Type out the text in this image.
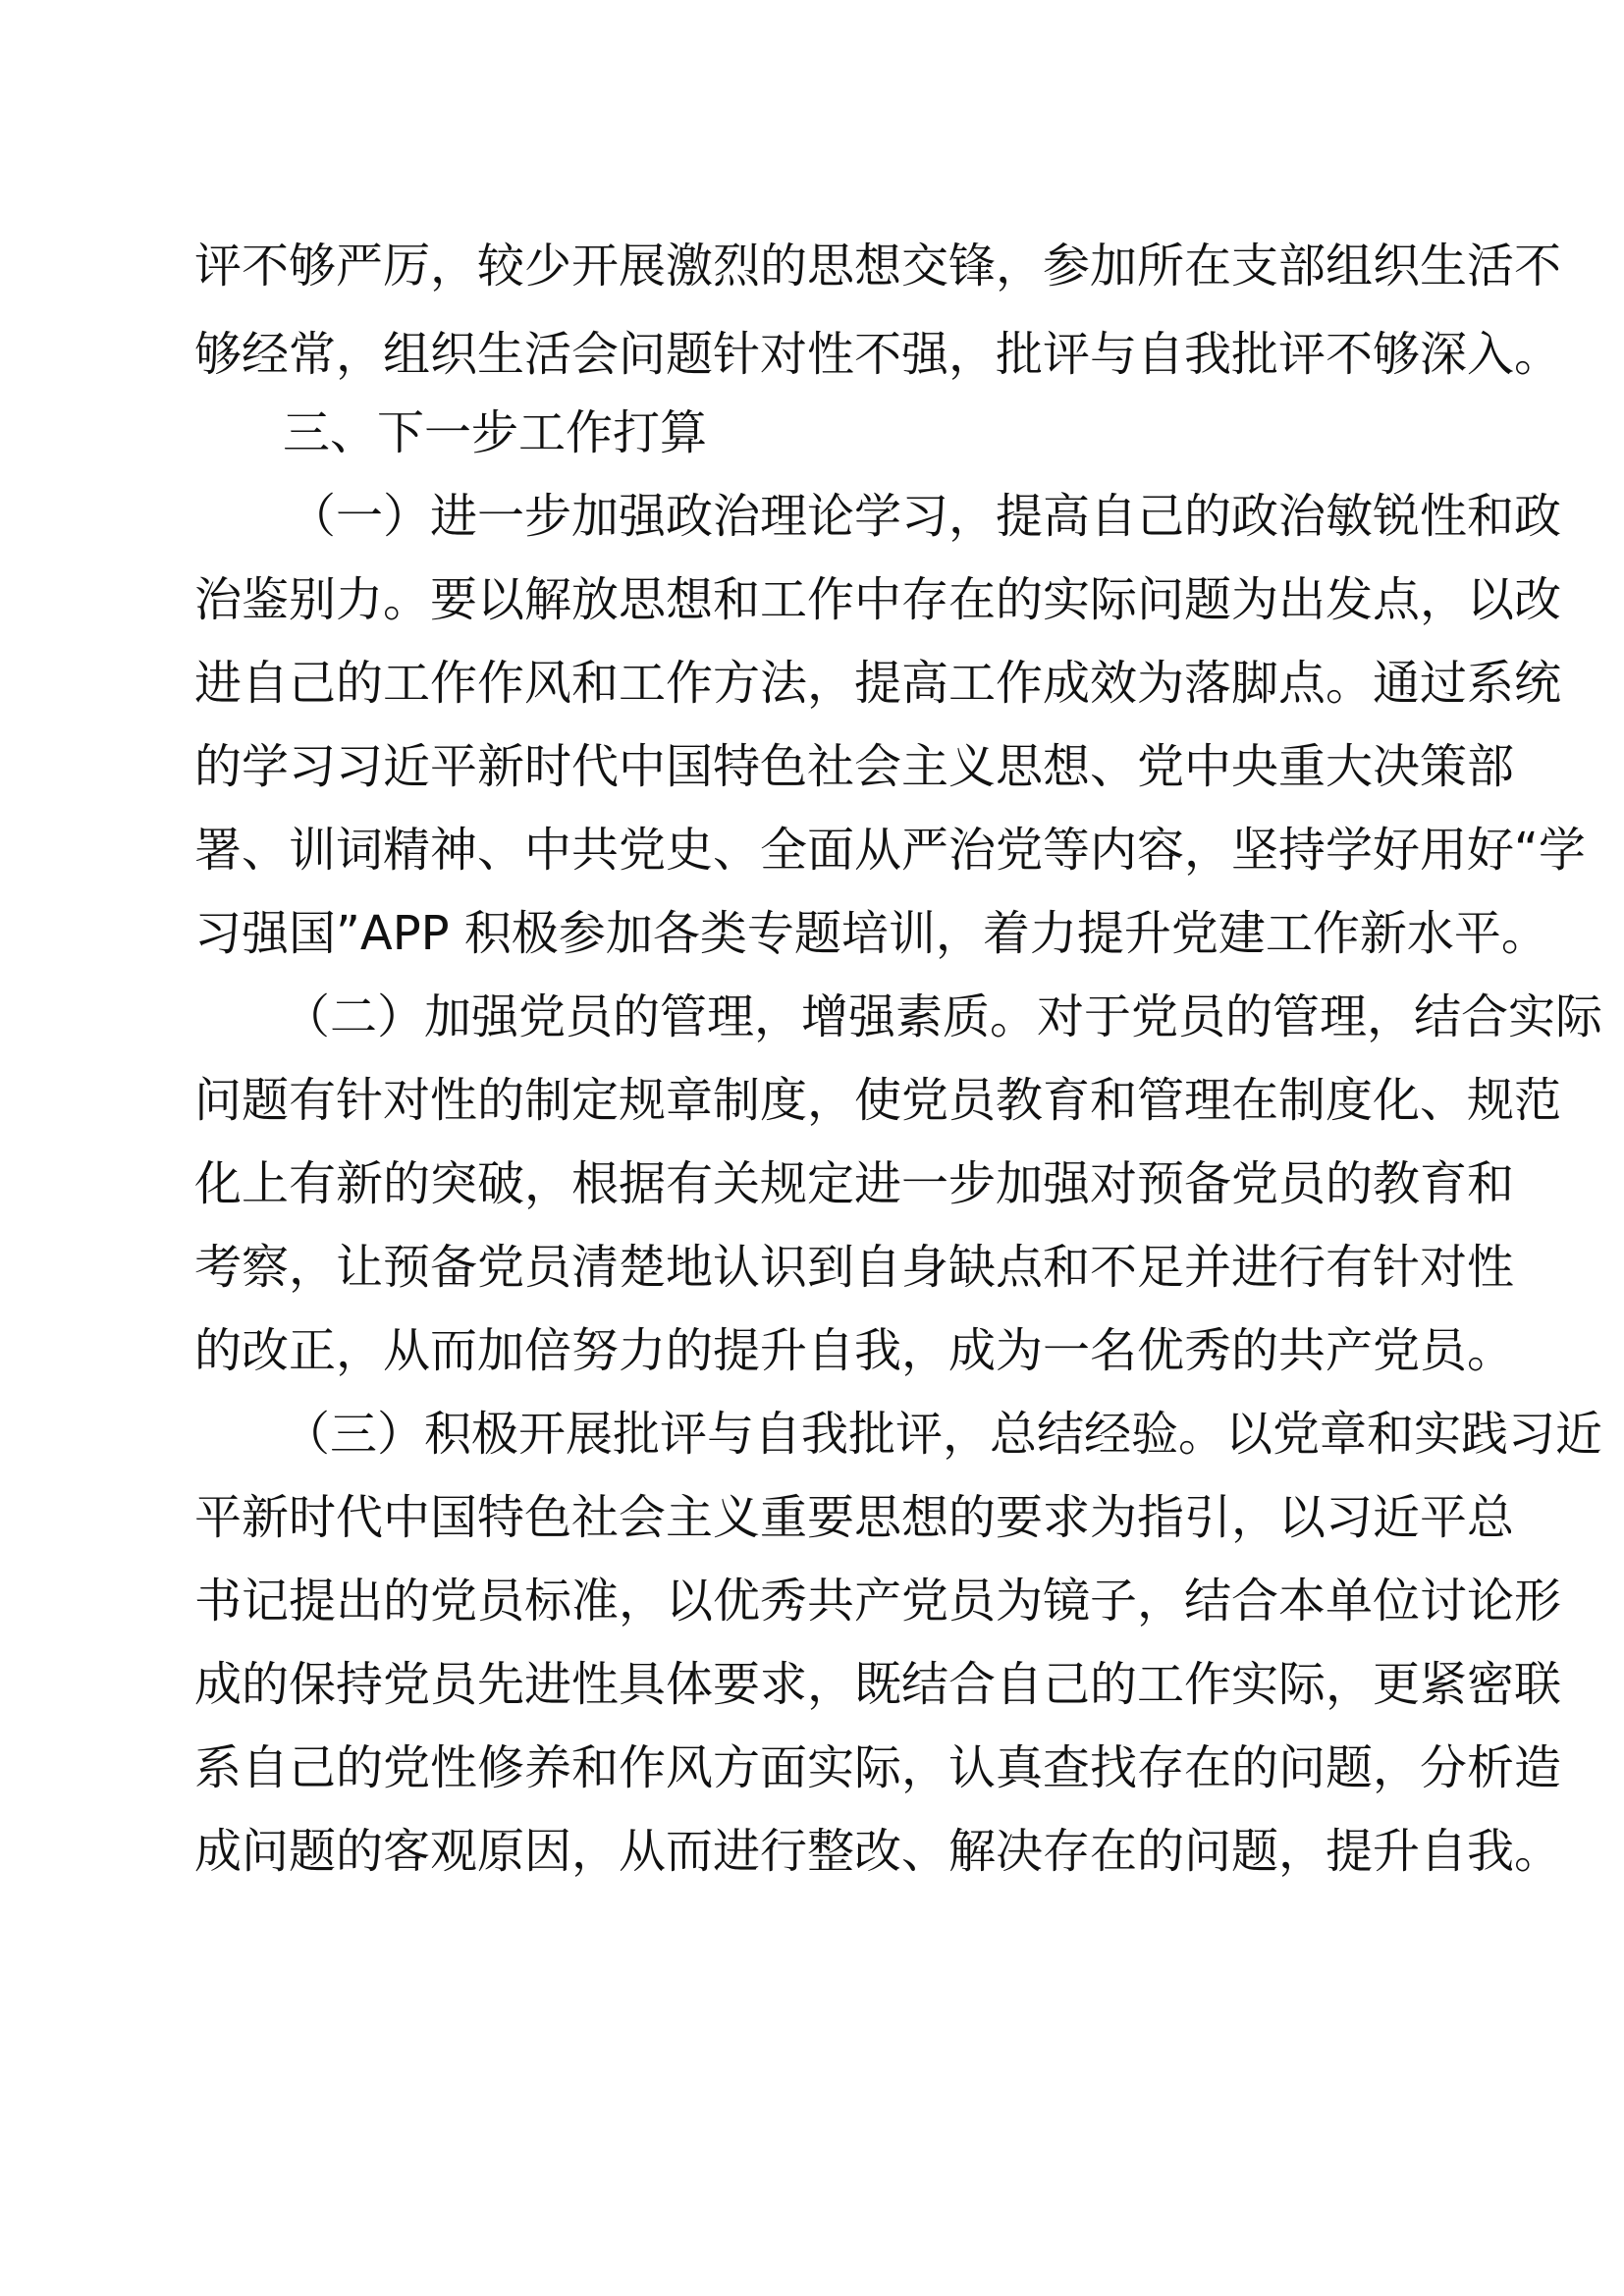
评不够严厉，较少开展激烈的思想交锋，参加所在支部组织生活不
够经常，组织生活会问题针对性不强，批评与自我批评不够深入。
三、下一步工作打算
（一）进一步加强政治理论学习，提高自己的政治敏锐性和政
治鉴别力。要以解放思想和工作中存在的实际问题为出发点，以改
进自己的工作作风和工作方法，提高工作成效为落脚点。通过系统
的学习习近平新时代中国特色社会主义思想、党中央重大决策部
署、训词精神、中共党史、全面从严治党等内容，坚持学好用好“学
习强国”APP 积极参加各类专题培训，着力提升党建工作新水平。
（二）加强党员的管理，增强素质。对于党员的管理，结合实际
问题有针对性的制定规章制度，使党员教育和管理在制度化、规范
化上有新的突破，根据有关规定进一步加强对预备党员的教育和
考察，让预备党员清楚地认识到自身缺点和不足并进行有针对性
的改正，从而加倍努力的提升自我，成为一名优秀的共产党员。
（三）积极开展批评与自我批评，总结经验。以党章和实践习近
平新时代中国特色社会主义重要思想的要求为指引，以习近平总
书记提出的党员标准，以优秀共产党员为镜子，结合本单位讨论形
成的保持党员先进性具体要求，既结合自己的工作实际，更紧密联
系自己的党性修养和作风方面实际，认真查找存在的问题，分析造
成问题的客观原因，从而进行整改、解决存在的问题，提升自我。
